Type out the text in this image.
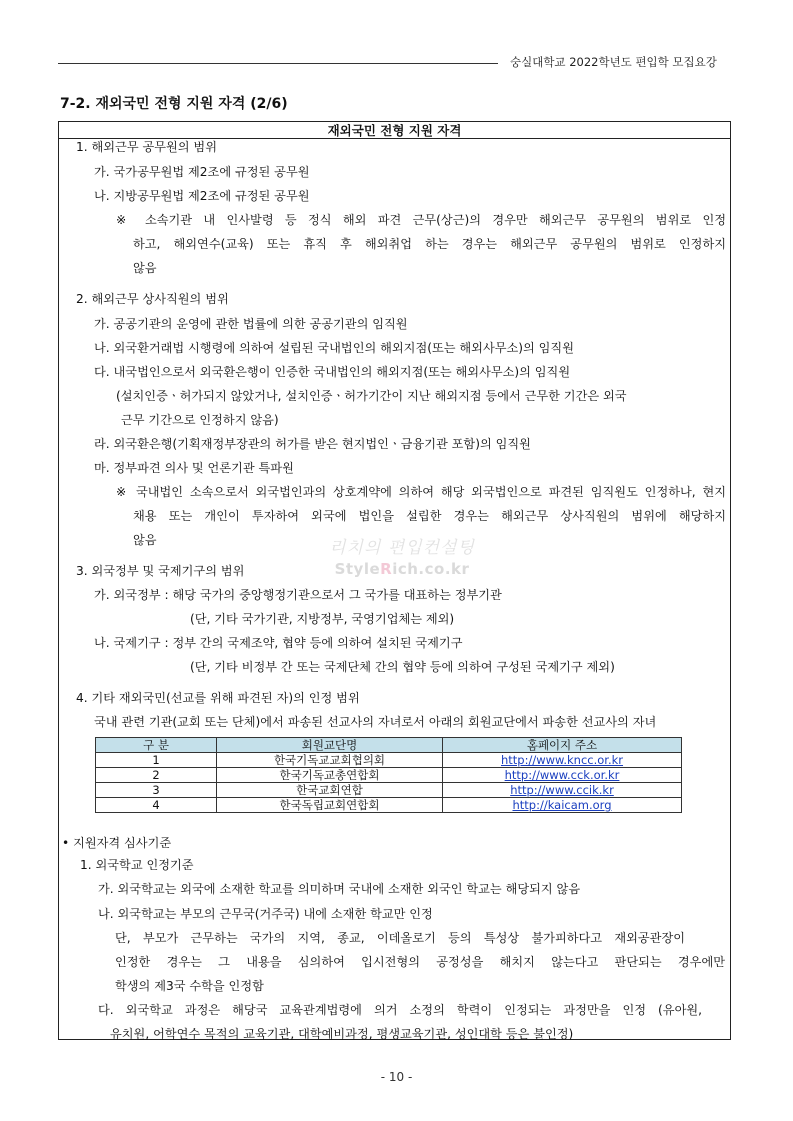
숭실대학교 2022학년도 편입학 모집요강
7-2. 재외국민 전형 지원 자격 (2/6)
재외국민 전형 지원 자격
1. 해외근무 공무원의 범위
가. 국가공무원법 제2조에 규정된 공무원
나. 지방공무원법 제2조에 규정된 공무원
※ 소속기관 내 인사발령 등 정식 해외 파견 근무(상근)의 경우만 해외근무 공무원의 범위로 인정
하고, 해외연수(교육) 또는 휴직 후 해외취업 하는 경우는 해외근무 공무원의 범위로 인정하지
않음
2. 해외근무 상사직원의 범위
가. 공공기관의 운영에 관한 법률에 의한 공공기관의 임직원
나. 외국환거래법 시행령에 의하여 설립된 국내법인의 해외지점(또는 해외사무소)의 임직원
다. 내국법인으로서 외국환은행이 인증한 국내법인의 해외지점(또는 해외사무소)의 임직원
(설치인증ㆍ허가되지 않았거나, 설치인증ㆍ허가기간이 지난 해외지점 등에서 근무한 기간은 외국
근무 기간으로 인정하지 않음)
라. 외국환은행(기획재정부장관의 허가를 받은 현지법인ㆍ금융기관 포함)의 임직원
마. 정부파견 의사 및 언론기관 특파원
※ 국내법인 소속으로서 외국법인과의 상호계약에 의하여 해당 외국법인으로 파견된 임직원도 인정하나, 현지
채용 또는 개인이 투자하여 외국에 법인을 설립한 경우는 해외근무 상사직원의 범위에 해당하지
않음	리치의 편입컨설팅
StyleRich.co.kr
3. 외국정부 및 국제기구의 범위
가. 외국정부 : 해당 국가의 중앙행정기관으로서 그 국가를 대표하는 정부기관
(단, 기타 국가기관, 지방정부, 국영기업체는 제외)
나. 국제기구 : 정부 간의 국제조약, 협약 등에 의하여 설치된 국제기구
(단, 기타 비정부 간 또는 국제단체 간의 협약 등에 의하여 구성된 국제기구 제외)
4. 기타 재외국민(선교를 위해 파견된 자)의 인정 범위
국내 관련 기관(교회 또는 단체)에서 파송된 선교사의 자녀로서 아래의 회원교단에서 파송한 선교사의 자녀
구 분	회원교단명	홈페이지 주소
1	한국기독교교회협의회	http://www.kncc.or.kr
2	한국기독교총연합회	http://www.cck.or.kr
3	한국교회연합	http://www.ccik.kr
4	한국독립교회연합회	http://kaicam.org
• 지원자격 심사기준
1. 외국학교 인정기준
가. 외국학교는 외국에 소재한 학교를 의미하며 국내에 소재한 외국인 학교는 해당되지 않음
나. 외국학교는 부모의 근무국(거주국) 내에 소재한 학교만 인정
단, 부모가 근무하는 국가의 지역, 종교, 이데올로기 등의 특성상 불가피하다고 재외공관장이
인정한 경우는 그 내용을 심의하여 입시전형의 공정성을 해치지 않는다고 판단되는 경우에만
학생의 제3국 수학을 인정함
다. 외국학교 과정은 해당국 교육관계법령에 의거 소정의 학력이 인정되는 과정만을 인정 (유아원,
유치원, 어학연수 목적의 교육기관, 대학예비과정, 평생교육기관, 성인대학 등은 불인정)
- 10 -
